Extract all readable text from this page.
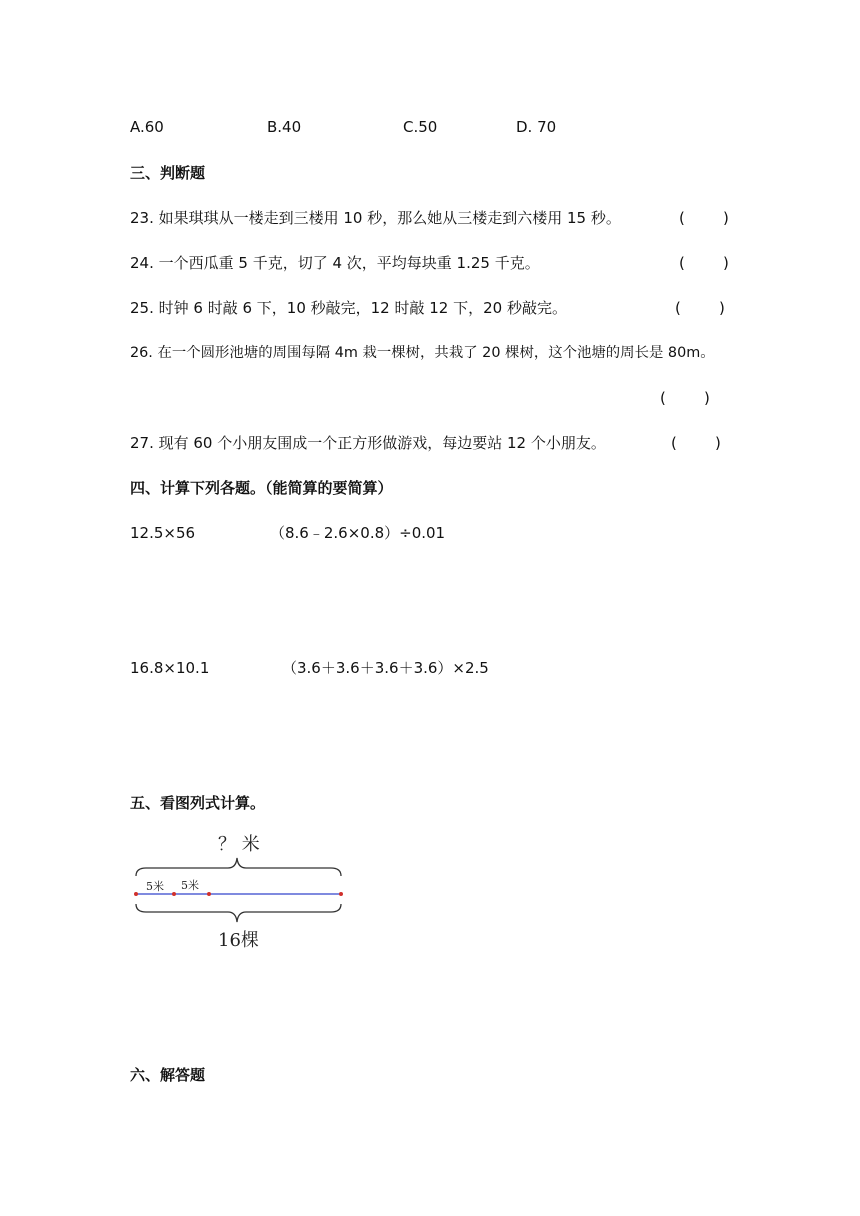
A.60	B.40	C.50	D. 70
三、判断题
23. 如果琪琪从一楼走到三楼用 10 秒，那么她从三楼走到六楼用 15 秒。	(        )
24. 一个西瓜重 5 千克，切了 4 次，平均每块重 1.25 千克。	(        )
25. 时钟 6 时敲 6 下，10 秒敲完，12 时敲 12 下，20 秒敲完。	(        )
26. 在一个圆形池塘的周围每隔 4m 栽一棵树，共栽了 20 棵树，这个池塘的周长是 80m。
(        )
27. 现有 60 个小朋友围成一个正方形做游戏，每边要站 12 个小朋友。	(        )
四、计算下列各题。（能简算的要简算）
12.5×56	（8.6﹣2.6×0.8）÷0.01
16.8×10.1	（3.6＋3.6＋3.6＋3.6）×2.5
五、看图列式计算。
？ 米
5米 5米
16棵
六、解答题
